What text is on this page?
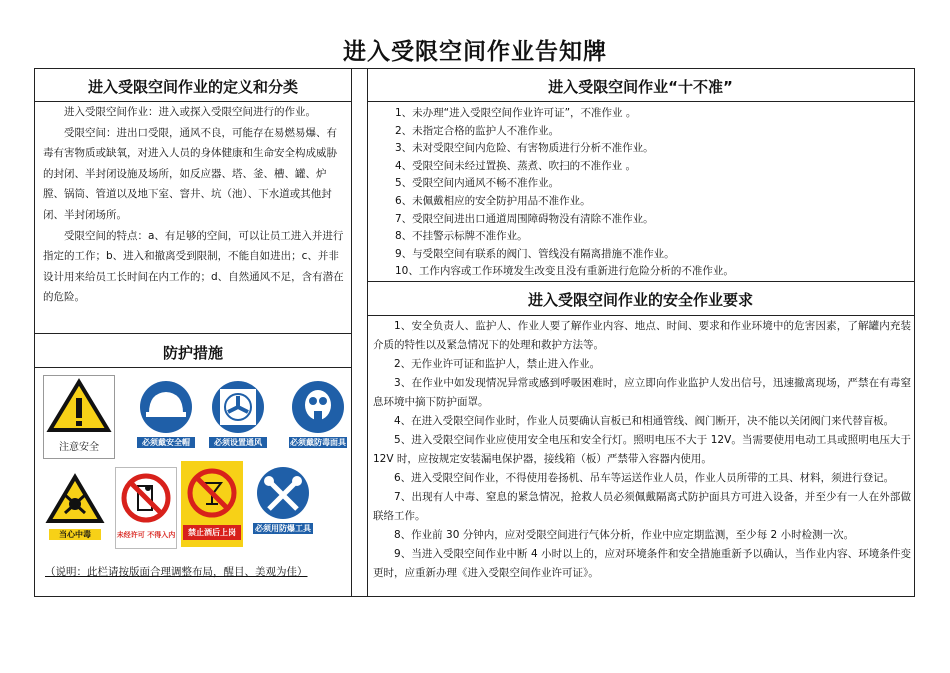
进入受限空间作业告知牌
进入受限空间作业的定义和分类

进入受限空间作业：进入或探入受限空间进行的作业。

受限空间：进出口受限，通风不良，可能存在易燃易爆、有毒有害物质或缺氧，对进入人员的身体健康和生命安全构成威胁的封闭、半封闭设施及场所，如反应器、塔、釜、槽、罐、炉膛、锅筒、管道以及地下室、窨井、坑（池）、下水道或其他封闭、半封闭场所。

受限空间的特点：a、有足够的空间，可以让员工进入并进行指定的工作；b、进入和撤离受到限制，不能自如进出；c、并非设计用来给员工长时间在内工作的；d、自然通风不足，含有潜在的危险。

防护措施
注意安全	必须戴安全帽	必须设置通风	必须戴防毒面具
当心中毒	未经许可 不得入内	禁止酒后上岗	必须用防爆工具
（说明：此栏请按版面合理调整布局，醒目、美观为佳）
进入受限空间作业“十不准”
1、未办理“进入受限空间作业许可证”，不准作业 。
2、未指定合格的监护人不准作业。
3、未对受限空间内危险、有害物质进行分析不准作业。
4、受限空间未经过置换、蒸煮、吹扫的不准作业 。
5、受限空间内通风不畅不准作业。
6、未佩戴相应的安全防护用品不准作业。
7、受限空间进出口通道周围障碍物没有清除不准作业。
8、不挂警示标牌不准作业。
9、与受限空间有联系的阀门、管线没有隔离措施不准作业。
10、工作内容或工作环境发生改变且没有重新进行危险分析的不准作业。
进入受限空间作业的安全作业要求

1、安全负责人、监护人、作业人要了解作业内容、地点、时间、要求和作业环境中的危害因素，了解罐内充装介质的特性以及紧急情况下的处理和救护方法等。

2、无作业许可证和监护人，禁止进入作业。

3、在作业中如发现情况异常或感到呼吸困难时，应立即向作业监护人发出信号，迅速撤离现场，严禁在有毒窒息环境中摘下防护面罩。

4、在进入受限空间作业时，作业人员要确认盲板已和相通管线、阀门断开，决不能以关闭阀门来代替盲板。

5、进入受限空间作业应使用安全电压和安全行灯。照明电压不大于 12V。当需要使用电动工具或照明电压大于 12V 时，应按规定安装漏电保护器，接线箱（板）严禁带入容器内使用。

6、进入受限空间作业，不得使用卷扬机、吊车等运送作业人员，作业人员所带的工具、材料，须进行登记。

7、出现有人中毒、窒息的紧急情况，抢救人员必须佩戴隔离式防护面具方可进入设备，并至少有一人在外部做联络工作。

8、作业前 30 分钟内，应对受限空间进行气体分析，作业中应定期监测，至少每 2 小时检测一次。

9、当进入受限空间作业中断 4 小时以上的，应对环境条件和安全措施重新予以确认，当作业内容、环境条件变更时，应重新办理《进入受限空间作业许可证》。
